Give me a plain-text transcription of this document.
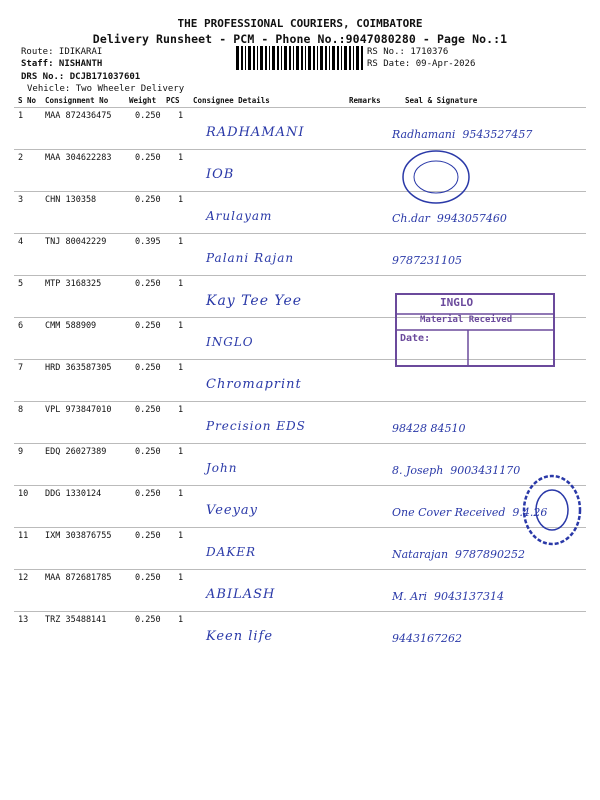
THE PROFESSIONAL COURIERS, COIMBATORE
Delivery Runsheet - PCM - Phone No.:9047080280 - Page No.:1
Route: IDIKARAI
Staff: NISHANTH
DRS No.: DCJB171037601
Vehicle: Two Wheeler Delivery
RS No.: 1710376
RS Date: 09-Apr-2026
S No Consignment No	Weight PCS Consignee Details	Remarks	Seal & Signature
1	MAA 872436475	0.250 1
RADHAMANI	Radhamani  9543527457
2	MAA 304622283	0.250 1
IOB
3	CHN 130358	0.250 1
Arulayam	Ch.dar  9943057460
4	TNJ 80042229	0.395 1
Palani Rajan	9787231105
5	MTP 3168325	0.250 1
Kay Tee Yee
6	CMM 588909	0.250 1
INGLO
7	HRD 363587305	0.250 1
Chromaprint
8	VPL 973847010	0.250 1
Precision EDS	98428 84510
9	EDQ 26027389	0.250 1
John	8. Joseph  9003431170
10 DDG 1330124	0.250 1
Veeyay	One Cover Received  9.4.26
11 IXM 303876755	0.250 1
DAKER	Natarajan  9787890252
12 MAA 872681785	0.250 1
ABILASH	M. Ari  9043137314
13 TRZ 35488141	0.250 1
Keen life	9443167262
INGLO
Material Received
Date:
